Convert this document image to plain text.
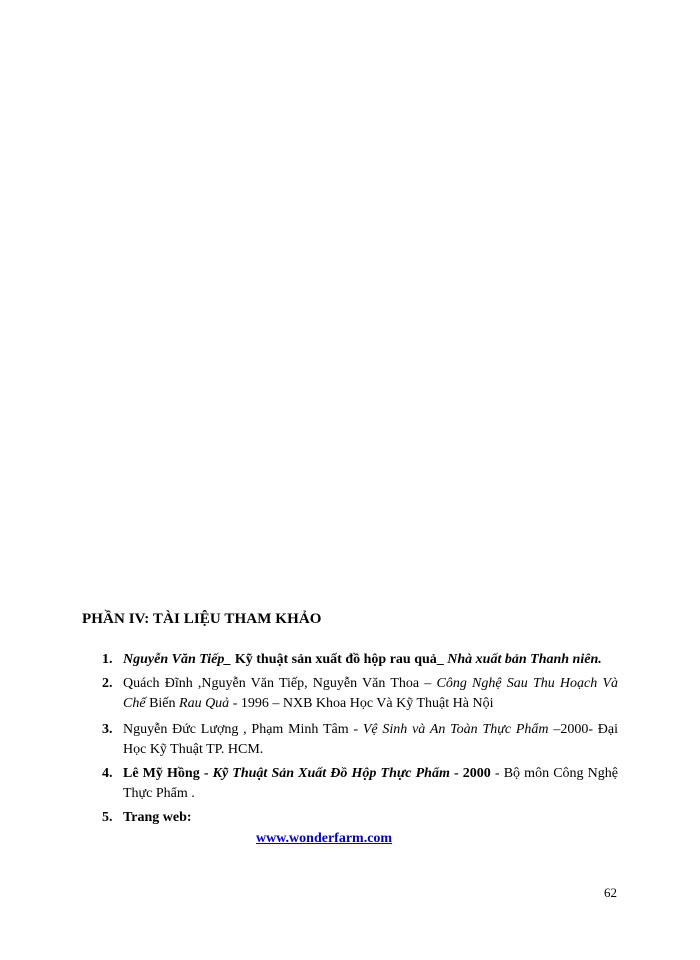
PHẦN IV: TÀI LIỆU THAM KHẢO
1. Nguyễn Văn Tiếp_ Kỹ thuật sản xuất đồ hộp rau quả_ Nhà xuất bản Thanh niên.
2. Quách Đĩnh ,Nguyễn Văn Tiếp, Nguyễn Văn Thoa – Công Nghệ Sau Thu Hoạch Và Chế Biến Rau Quả - 1996 – NXB Khoa Học Và Kỹ Thuật Hà Nội
3. Nguyễn Đức Lượng , Phạm Minh Tâm - Vệ Sinh và An Toàn Thực Phẩm –2000- Đại Học Kỹ Thuật TP. HCM.
4. Lê Mỹ Hồng - Kỹ Thuật Sản Xuất Đồ Hộp Thực Phẩm - 2000 - Bộ môn Công Nghệ Thực Phẩm .
5. Trang web:
www.wonderfarm.com
62
